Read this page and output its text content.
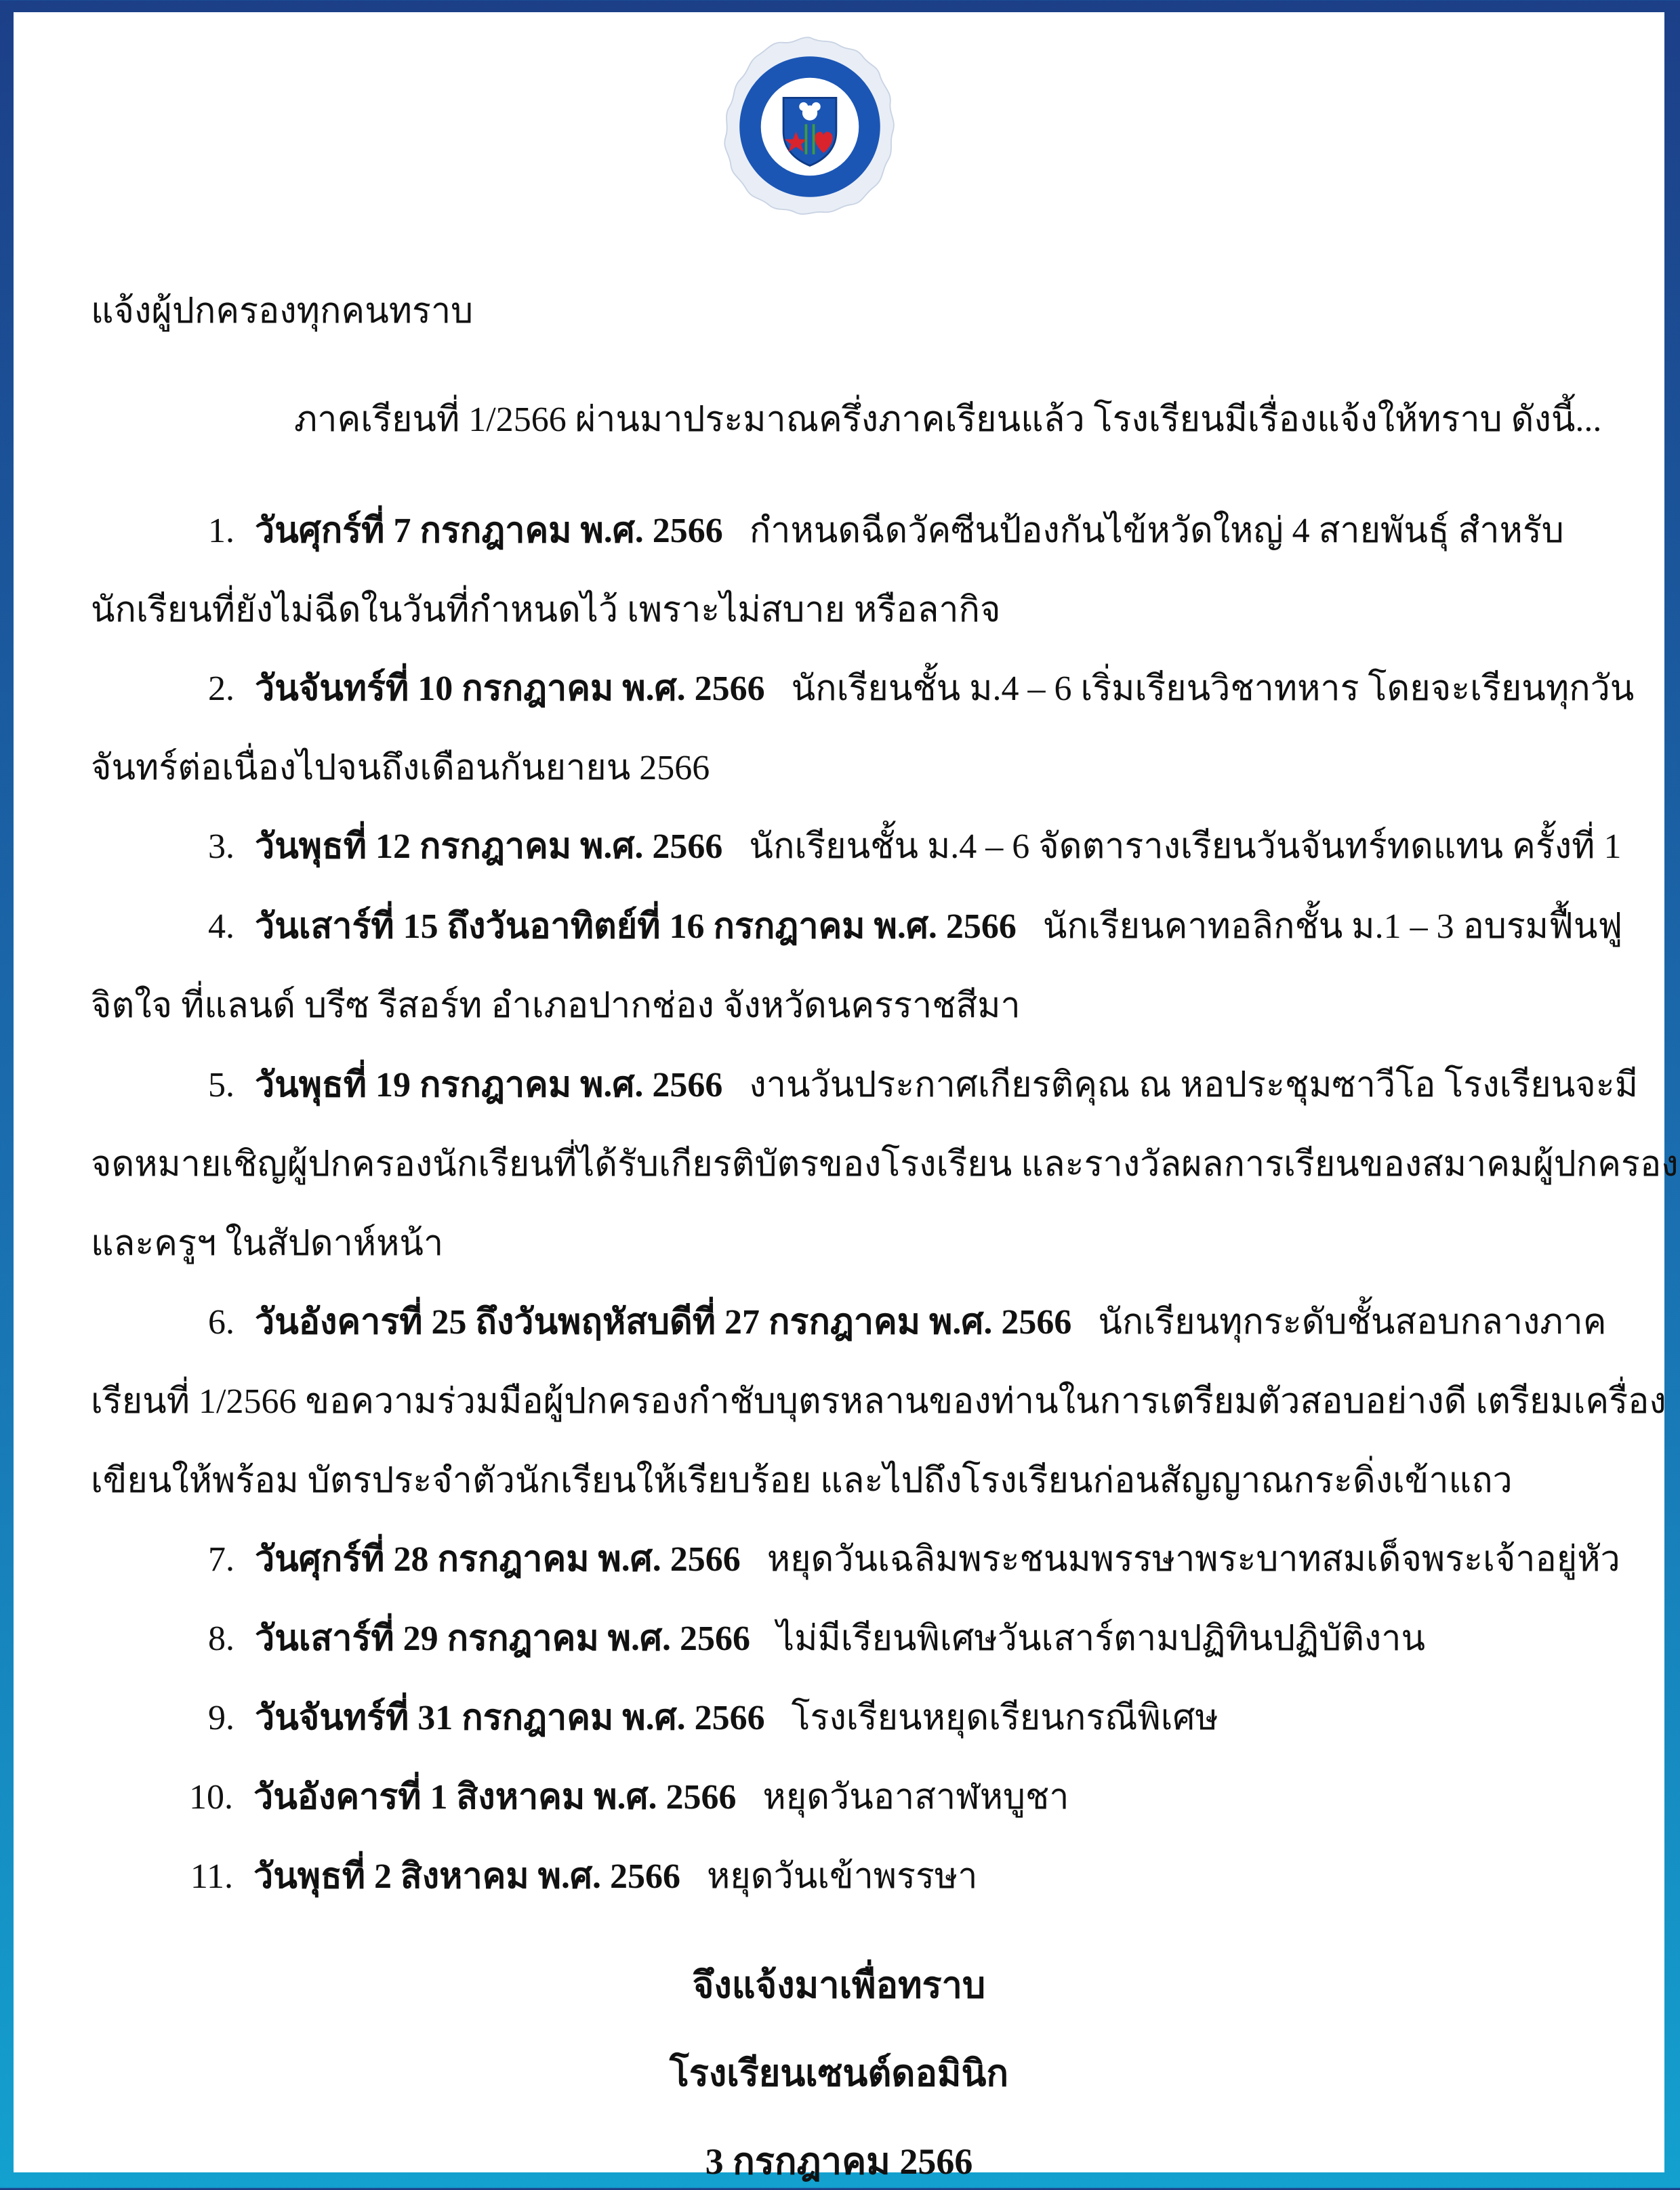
แจ้งผู้ปกครองทุกคนทราบ
ภาคเรียนที่ 1/2566 ผ่านมาประมาณครึ่งภาคเรียนแล้ว โรงเรียนมีเรื่องแจ้งให้ทราบ ดังนี้...
1. วันศุกร์ที่ 7 กรกฎาคม พ.ศ. 2566 กำหนดฉีดวัคซีนป้องกันไข้หวัดใหญ่ 4 สายพันธุ์ สำหรับ
นักเรียนที่ยังไม่ฉีดในวันที่กำหนดไว้ เพราะไม่สบาย หรือลากิจ
2. วันจันทร์ที่ 10 กรกฎาคม พ.ศ. 2566 นักเรียนชั้น ม.4 – 6 เริ่มเรียนวิชาทหาร โดยจะเรียนทุกวัน
จันทร์ต่อเนื่องไปจนถึงเดือนกันยายน 2566
3. วันพุธที่ 12 กรกฎาคม พ.ศ. 2566 นักเรียนชั้น ม.4 – 6 จัดตารางเรียนวันจันทร์ทดแทน ครั้งที่ 1
4. วันเสาร์ที่ 15 ถึงวันอาทิตย์ที่ 16 กรกฎาคม พ.ศ. 2566 นักเรียนคาทอลิกชั้น ม.1 – 3 อบรมฟื้นฟู
จิตใจ ที่แลนด์ บรีซ รีสอร์ท อำเภอปากช่อง จังหวัดนครราชสีมา
5. วันพุธที่ 19 กรกฎาคม พ.ศ. 2566 งานวันประกาศเกียรติคุณ ณ หอประชุมซาวีโอ โรงเรียนจะมี
จดหมายเชิญผู้ปกครองนักเรียนที่ได้รับเกียรติบัตรของโรงเรียน และรางวัลผลการเรียนของสมาคมผู้ปกครอง
และครูฯ ในสัปดาห์หน้า
6. วันอังคารที่ 25 ถึงวันพฤหัสบดีที่ 27 กรกฎาคม พ.ศ. 2566 นักเรียนทุกระดับชั้นสอบกลางภาค
เรียนที่ 1/2566 ขอความร่วมมือผู้ปกครองกำชับบุตรหลานของท่านในการเตรียมตัวสอบอย่างดี เตรียมเครื่อง
เขียนให้พร้อม บัตรประจำตัวนักเรียนให้เรียบร้อย และไปถึงโรงเรียนก่อนสัญญาณกระดิ่งเข้าแถว
7. วันศุกร์ที่ 28 กรกฎาคม พ.ศ. 2566 หยุดวันเฉลิมพระชนมพรรษาพระบาทสมเด็จพระเจ้าอยู่หัว
8. วันเสาร์ที่ 29 กรกฎาคม พ.ศ. 2566 ไม่มีเรียนพิเศษวันเสาร์ตามปฏิทินปฏิบัติงาน
9. วันจันทร์ที่ 31 กรกฎาคม พ.ศ. 2566 โรงเรียนหยุดเรียนกรณีพิเศษ
10. วันอังคารที่ 1 สิงหาคม พ.ศ. 2566 หยุดวันอาสาฬหบูชา
11. วันพุธที่ 2 สิงหาคม พ.ศ. 2566 หยุดวันเข้าพรรษา
จึงแจ้งมาเพื่อทราบ
โรงเรียนเซนต์ดอมินิก
3 กรกฎาคม 2566
